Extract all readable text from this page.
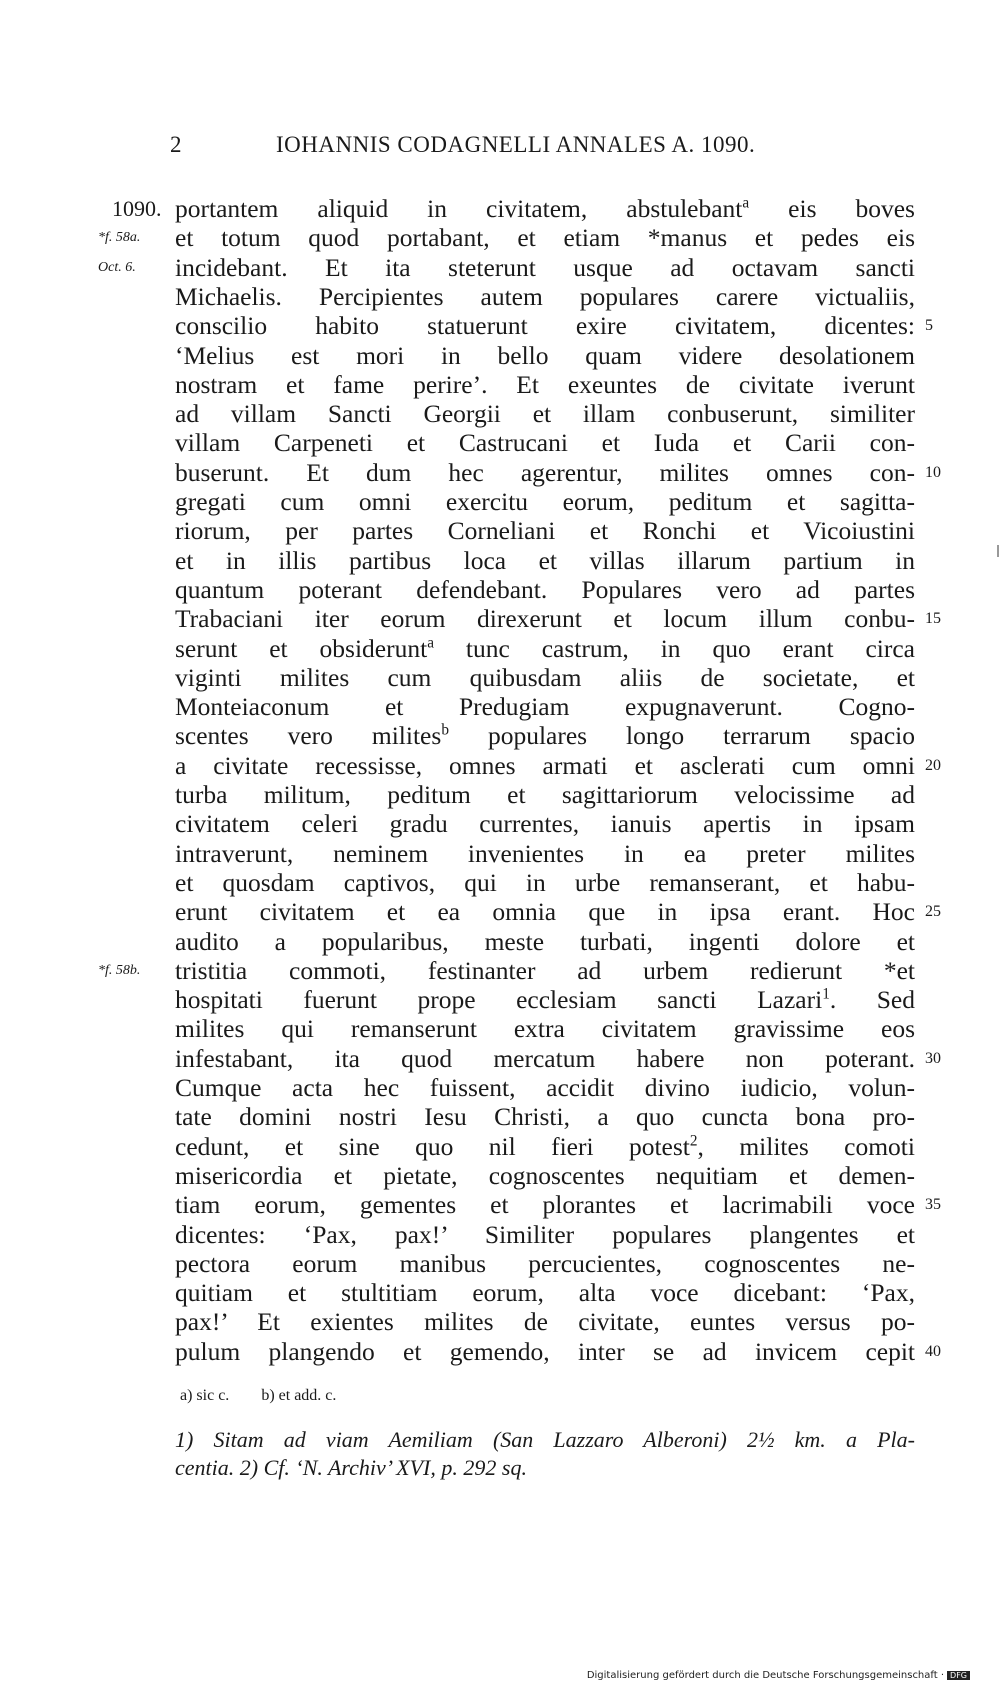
2	IOHANNIS CODAGNELLI ANNALES A. 1090.
portantem aliquid in civitatem, abstulebant$^a$ eis boves
1090.
et totum quod portabant, et etiam *manus et pedes eis
*f. 58a.
incidebant. Et ita steterunt usque ad octavam sancti
Oct. 6.
Michaelis. Percipientes autem populares carere victualiis,
conscilio habito statuerunt exire civitatem, dicentes: 5
‘Melius est mori in bello quam videre desolationem
nostram et fame perire’. Et exeuntes de civitate iverunt
ad villam Sancti Georgii et illam conbuserunt, similiter
villam Carpeneti et Castrucani et Iuda et Carii con-
buserunt. Et dum hec agerentur, milites omnes con- 10
gregati cum omni exercitu eorum, peditum et sagitta-
riorum, per partes Corneliani et Ronchi et Vicoiustini
et in illis partibus loca et villas illarum partium in
quantum poterant defendebant. Populares vero ad partes
Trabaciani iter eorum direxerunt et locum illum conbu- 15
serunt et obsiderunt$^a$ tunc castrum, in quo erant circa
viginti milites cum quibusdam aliis de societate, et
Monteiaconum et Predugiam expugnaverunt. Cogno-
scentes vero milites$^b$ populares longo terrarum spacio
a civitate recessisse, omnes armati et asclerati cum omni 20
turba militum, peditum et sagittariorum velocissime ad
civitatem celeri gradu currentes, ianuis apertis in ipsam
intraverunt, neminem invenientes in ea preter milites
et quosdam captivos, qui in urbe remanserant, et habu-
erunt civitatem et ea omnia que in ipsa erant. Hoc 25
audito a popularibus, meste turbati, ingenti dolore et
tristitia commoti, festinanter ad urbem redierunt *et
*f. 58b.
hospitati fuerunt prope ecclesiam sancti Lazari$^1$. Sed
milites qui remanserunt extra civitatem gravissime eos
infestabant, ita quod mercatum habere non poterant. 30
Cumque acta hec fuissent, accidit divino iudicio, volun-
tate domini nostri Iesu Christi, a quo cuncta bona pro-
cedunt, et sine quo nil fieri potest$^2$, milites comoti
misericordia et pietate, cognoscentes nequitiam et demen-
tiam eorum, gementes et plorantes et lacrimabili voce 35
dicentes: ‘Pax, pax!’ Similiter populares plangentes et
pectora eorum manibus percucientes, cognoscentes ne-
quitiam et stultitiam eorum, alta voce dicebant: ‘Pax,
pax!’ Et exientes milites de civitate, euntes versus po-
pulum plangendo et gemendo, inter se ad invicem cepit 40
a) sic c. b) et add. c.
1) Sitam ad viam Aemiliam (San Lazzaro Alberoni) 2½ km. a Pla-
centia. 2) Cf. ‘N. Archiv’ XVI, p. 292 sq.
Digitalisierung gefördert durch die Deutsche Forschungsgemeinschaft · DFG
